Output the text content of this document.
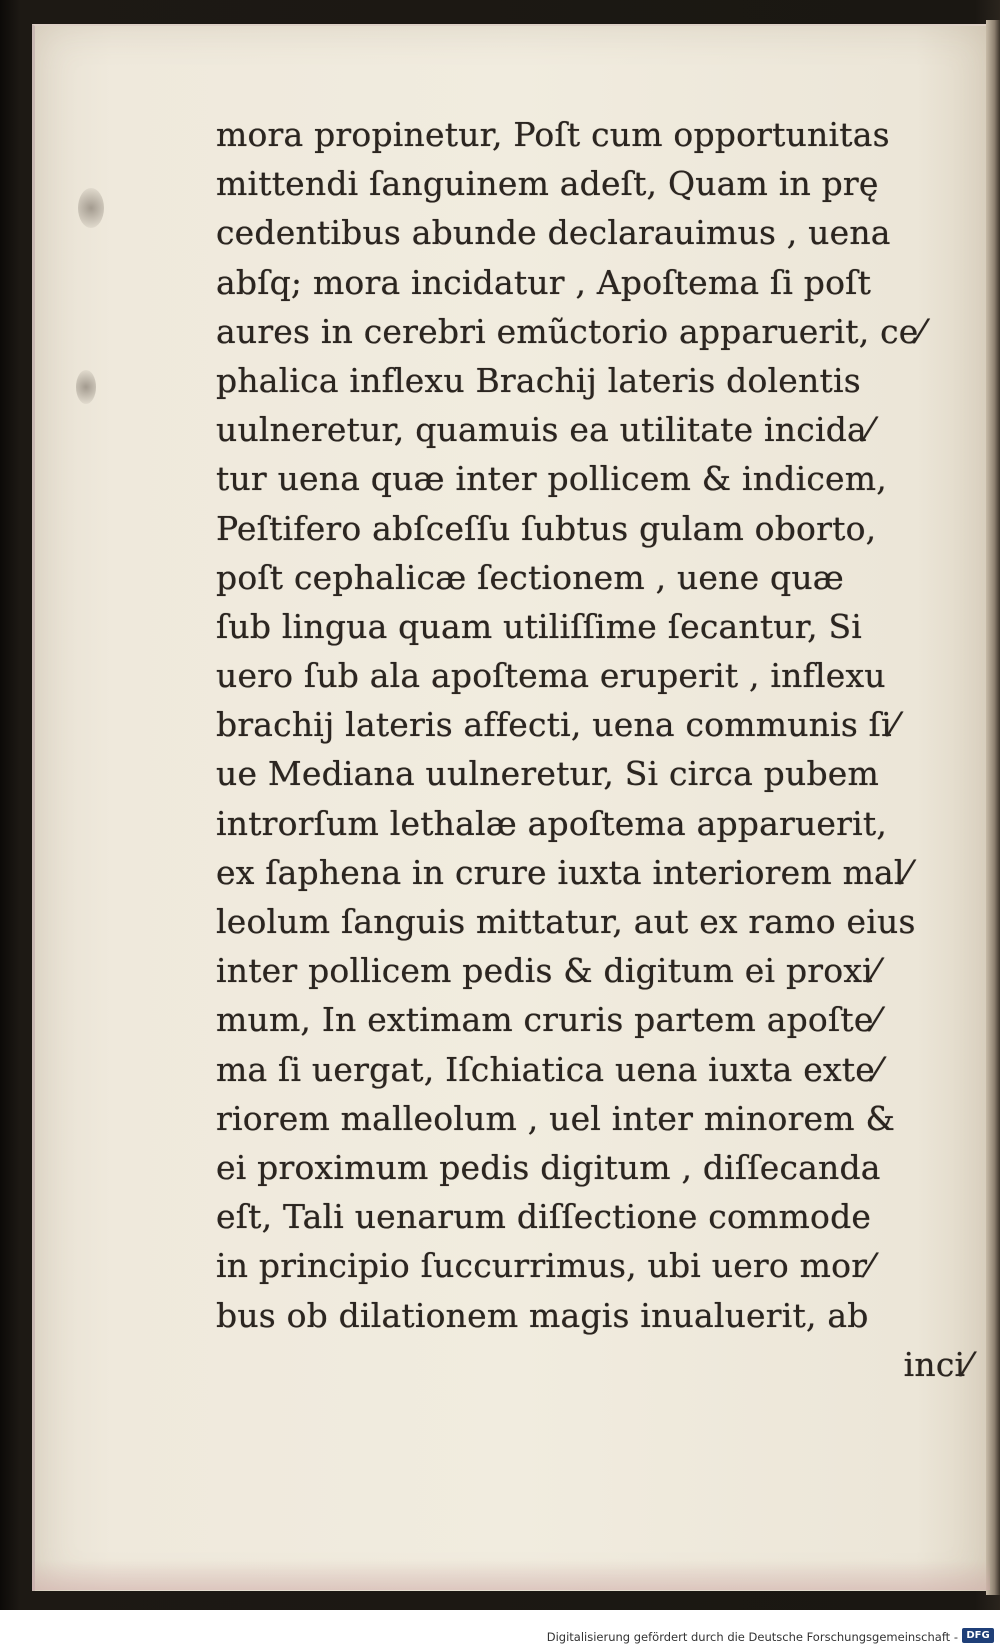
mora propinetur, Poſt cum opportunitas
mittendi ſanguinem adeſt, Quam in prę
cedentibus abunde declarauimus , uena
abſq; mora incidatur , Apoſtema ſi poſt
aures in cerebri emũctorio apparuerit, ce⁄
phalica inflexu Brachij lateris dolentis
uulneretur, quamuis ea utilitate incida⁄
tur uena quæ inter pollicem & indicem,
Peſtifero abſceſſu ſubtus gulam oborto,
poſt cephalicæ ſectionem , uene quæ
ſub lingua quam utiliſſime ſecantur, Si
uero ſub ala apoſtema eruperit , inflexu
brachij lateris affecti, uena communis ſi⁄
ue Mediana uulneretur, Si circa pubem
introrſum lethalæ apoſtema apparuerit,
ex ſaphena in crure iuxta interiorem mal⁄
leolum ſanguis mittatur, aut ex ramo eius
inter pollicem pedis & digitum ei proxi⁄
mum, In extimam cruris partem apoſte⁄
ma ſi uergat, Iſchiatica uena iuxta exte⁄
riorem malleolum , uel inter minorem &
ei proximum pedis digitum , diſſecanda
eſt, Tali uenarum diſſectione commode
in principio ſuccurrimus, ubi uero mor⁄
bus ob dilationem magis inualuerit, ab
inci⁄
Digitalisierung gefördert durch die Deutsche Forschungsgemeinschaft - DFG
